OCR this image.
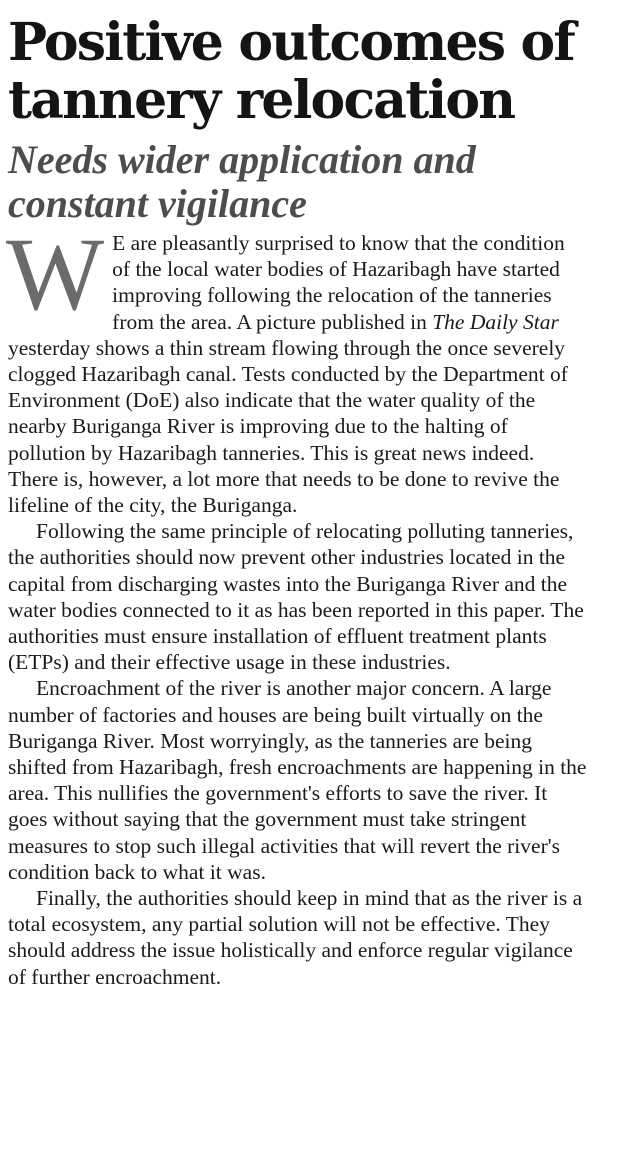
Positive outcomes of tannery relocation
Needs wider application and constant vigilance

W E are pleasantly surprised to know that the condition of the local water bodies of Hazaribagh have started improving following the relocation of the tanneries from the area. A picture published in The Daily Star yesterday shows a thin stream flowing through the once severely clogged Hazaribagh canal. Tests conducted by the Department of Environment (DoE) also indicate that the water quality of the nearby Buriganga River is improving due to the halting of pollution by Hazaribagh tanneries. This is great news indeed. There is, however, a lot more that needs to be done to revive the lifeline of the city, the Buriganga.

Following the same principle of relocating polluting tanneries, the authorities should now prevent other industries located in the capital from discharging wastes into the Buriganga River and the water bodies connected to it as has been reported in this paper. The authorities must ensure installation of effluent treatment plants (ETPs) and their effective usage in these industries.

Encroachment of the river is another major concern. A large number of factories and houses are being built virtually on the Buriganga River. Most worryingly, as the tanneries are being shifted from Hazaribagh, fresh encroachments are happening in the area. This nullifies the government's efforts to save the river. It goes without saying that the government must take stringent measures to stop such illegal activities that will revert the river's condition back to what it was.

Finally, the authorities should keep in mind that as the river is a total ecosystem, any partial solution will not be effective. They should address the issue holistically and enforce regular vigilance of further encroachment.
